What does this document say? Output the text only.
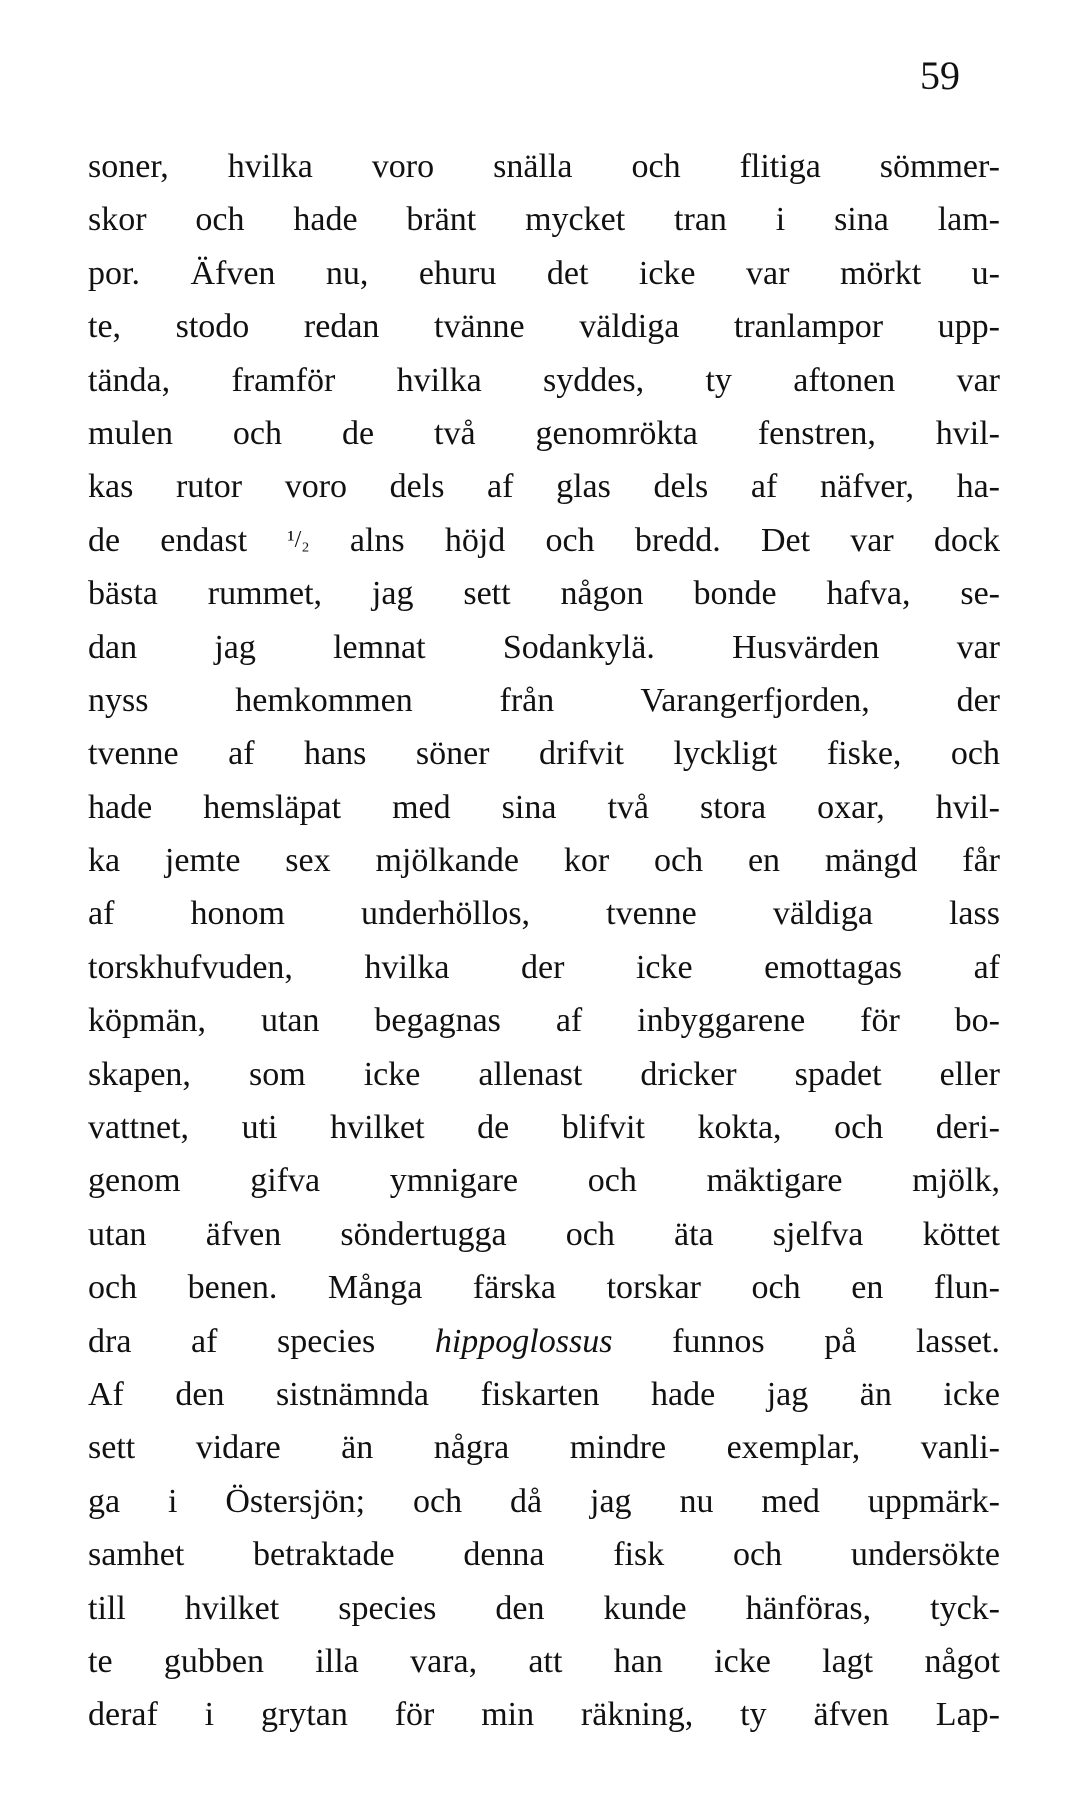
59
soner, hvilka voro snälla och flitiga sömmer-
skor och hade bränt mycket tran i sina lam-
por. Äfven nu, ehuru det icke var mörkt u-
te, stodo redan tvänne väldiga tranlampor upp-
tända, framför hvilka syddes, ty aftonen var
mulen och de två genomrökta fenstren, hvil-
kas rutor voro dels af glas dels af näfver, ha-
de endast ¹/₂ alns höjd och bredd. Det var dock
bästa rummet, jag sett någon bonde hafva, se-
dan jag lemnat Sodankylä. Husvärden var
nyss hemkommen från Varangerfjorden, der
tvenne af hans söner drifvit lyckligt fiske, och
hade hemsläpat med sina två stora oxar, hvil-
ka jemte sex mjölkande kor och en mängd får
af honom underhöllos, tvenne väldiga lass
torskhufvuden, hvilka der icke emottagas af
köpmän, utan begagnas af inbyggarene för bo-
skapen, som icke allenast dricker spadet eller
vattnet, uti hvilket de blifvit kokta, och deri-
genom gifva ymnigare och mäktigare mjölk,
utan äfven söndertugga och äta sjelfva köttet
och benen. Många färska torskar och en flun-
dra af species hippoglossus funnos på lasset.
Af den sistnämnda fiskarten hade jag än icke
sett vidare än några mindre exemplar, vanli-
ga i Östersjön; och då jag nu med uppmärk-
samhet betraktade denna fisk och undersökte
till hvilket species den kunde hänföras, tyck-
te gubben illa vara, att han icke lagt något
deraf i grytan för min räkning, ty äfven Lap-
